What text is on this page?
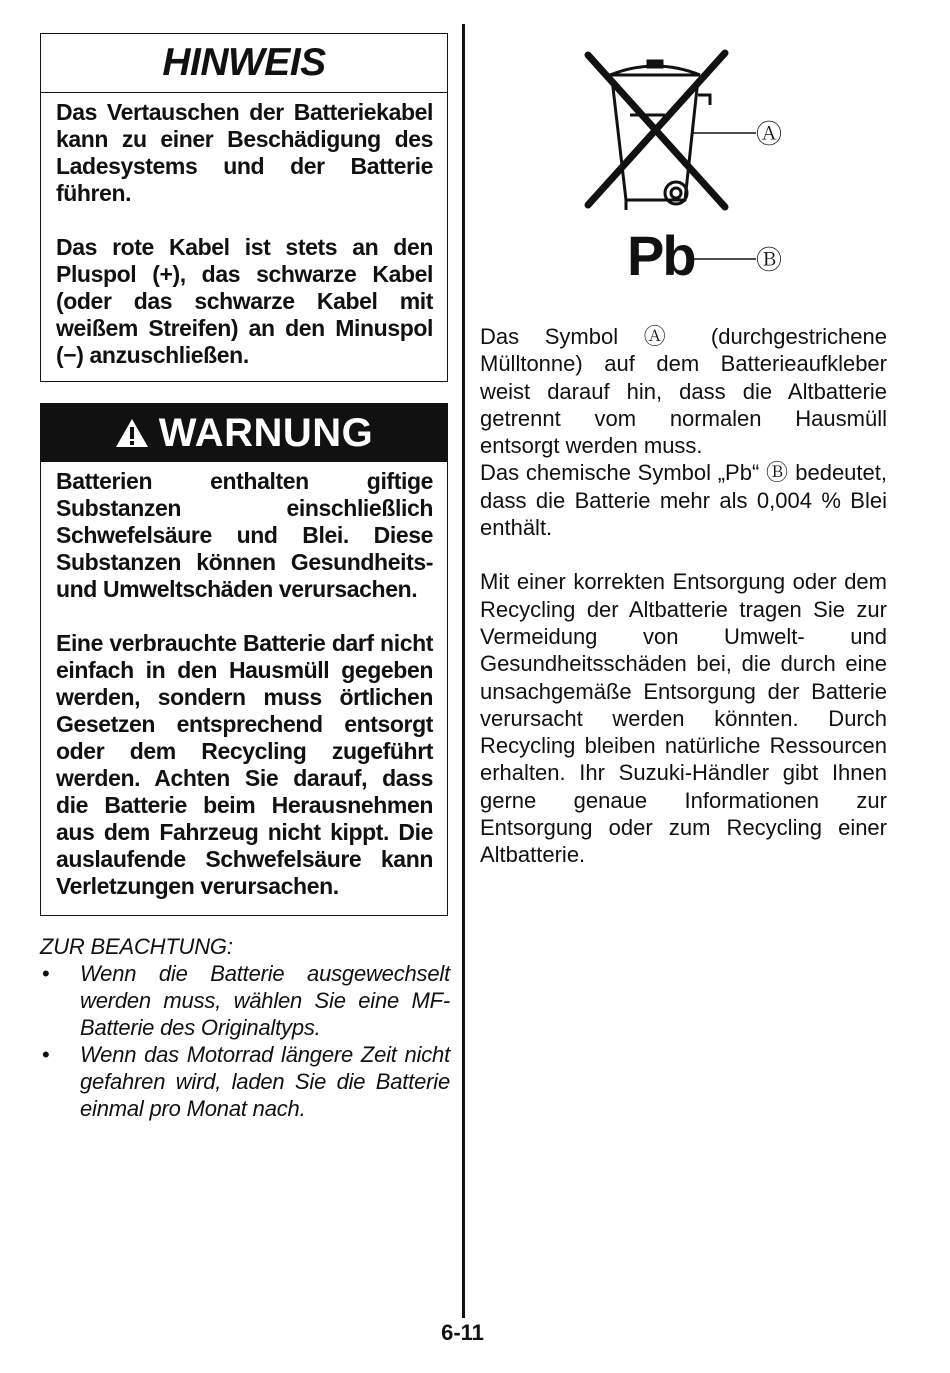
HINWEIS

Das Vertauschen der Batteriekabel kann zu einer Beschädigung des Ladesystems und der Batterie führen.

Das rote Kabel ist stets an den Pluspol (+), das schwarze Kabel (oder das schwarze Kabel mit weißem Streifen) an den Minuspol (−) anzuschließen.

WARNUNG

Batterien enthalten giftige Substanzen einschließlich Schwefelsäure und Blei. Diese Substanzen können Gesundheits- und Umweltschäden verursachen.

Eine verbrauchte Batterie darf nicht einfach in den Hausmüll gegeben werden, sondern muss örtlichen Gesetzen entsprechend entsorgt oder dem Recycling zugeführt werden. Achten Sie darauf, dass die Batterie beim Herausnehmen aus dem Fahrzeug nicht kippt. Die auslaufende Schwefelsäure kann Verletzungen verursachen.

ZUR BEACHTUNG:

• Wenn die Batterie ausgewechselt werden muss, wählen Sie eine MF-Batterie des Originaltyps.
• Wenn das Motorrad längere Zeit nicht gefahren wird, laden Sie die Batterie einmal pro Monat nach.
Ⓐ
Ⓑ
Pb

Das Symbol Ⓐ (durchgestrichene Mülltonne) auf dem Batterieaufkleber weist darauf hin, dass die Altbatterie getrennt vom normalen Hausmüll entsorgt werden muss.

Das chemische Symbol „Pb“ Ⓑ bedeutet, dass die Batterie mehr als 0,004 % Blei enthält.

Mit einer korrekten Entsorgung oder dem Recycling der Altbatterie tragen Sie zur Vermeidung von Umwelt- und Gesundheitsschäden bei, die durch eine unsachgemäße Entsorgung der Batterie verursacht werden könnten. Durch Recycling bleiben natürliche Ressourcen erhalten. Ihr Suzuki-Händler gibt Ihnen gerne genaue Informationen zur Entsorgung oder zum Recycling einer Altbatterie.

6-11
